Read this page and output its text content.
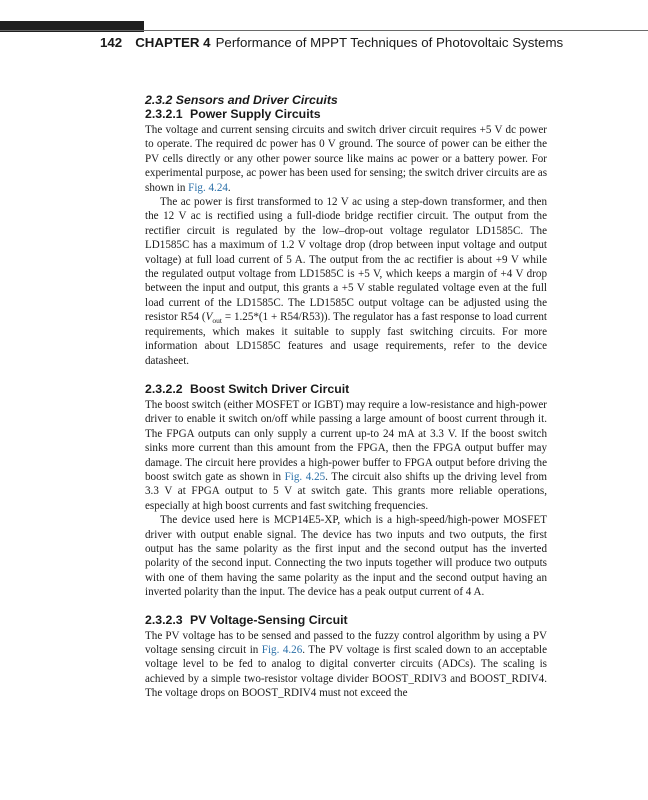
142 CHAPTER 4 Performance of MPPT Techniques of Photovoltaic Systems
2.3.2 Sensors and Driver Circuits
2.3.2.1 Power Supply Circuits

The voltage and current sensing circuits and switch driver circuit requires +5 V dc power to operate. The required dc power has 0 V ground. The source of power can be either the PV cells directly or any other power source like mains ac power or a battery power. For experimental purpose, ac power has been used for sensing; the switch driver circuits are as shown in Fig. 4.24.

The ac power is first transformed to 12 V ac using a step-down transformer, and then the 12 V ac is rectified using a full-diode bridge rectifier circuit. The output from the rectifier circuit is regulated by the low–drop-out voltage regulator LD1585C. The LD1585C has a maximum of 1.2 V voltage drop (drop between input voltage and output voltage) at full load current of 5 A. The output from the ac rectifier is about +9 V while the regulated output voltage from LD1585C is +5 V, which keeps a margin of +4 V drop between the input and output, this grants a +5 V stable regulated voltage even at the full load current of the LD1585C. The LD1585C output voltage can be adjusted using the resistor R54 $(V_{out} = 1.25*(1 + R54/R53))$. The regulator has a fast response to load current requirements, which makes it suitable to supply fast switching circuits. For more information about LD1585C features and usage requirements, refer to the device datasheet.

2.3.2.2 Boost Switch Driver Circuit

The boost switch (either MOSFET or IGBT) may require a low-resistance and high-power driver to enable it switch on/off while passing a large amount of boost current through it. The FPGA outputs can only supply a current up-to 24 mA at 3.3 V. If the boost switch sinks more current than this amount from the FPGA, then the FPGA output buffer may damage. The circuit here provides a high-power buffer to FPGA output before driving the boost switch gate as shown in Fig. 4.25. The circuit also shifts up the driving level from 3.3 V at FPGA output to 5 V at switch gate. This grants more reliable operations, especially at high boost currents and fast switching frequencies.

The device used here is MCP14E5-XP, which is a high-speed/high-power MOSFET driver with output enable signal. The device has two inputs and two outputs, the first output has the same polarity as the first input and the second output has the inverted polarity of the second input. Connecting the two inputs together will produce two outputs with one of them having the same polarity as the input and the second output having an inverted polarity than the input. The device has a peak output current of 4 A.

2.3.2.3 PV Voltage-Sensing Circuit

The PV voltage has to be sensed and passed to the fuzzy control algorithm by using a PV voltage sensing circuit in Fig. 4.26. The PV voltage is first scaled down to an acceptable voltage level to be fed to analog to digital converter circuits (ADCs). The scaling is achieved by a simple two-resistor voltage divider BOOST_RDIV3 and BOOST_RDIV4. The voltage drops on BOOST_RDIV4 must not exceed the
